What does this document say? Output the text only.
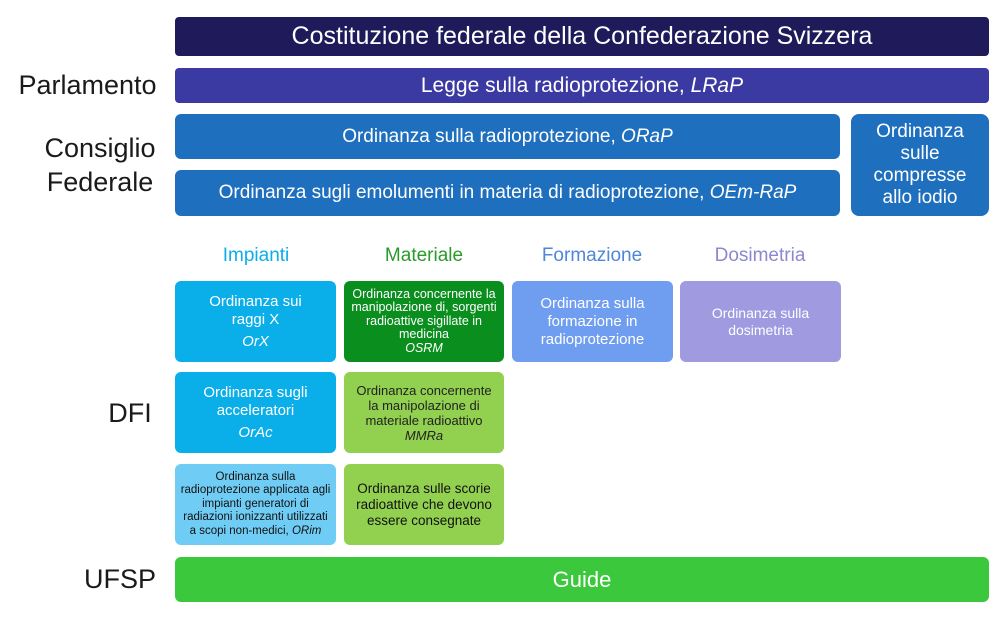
Costituzione federale della Confederazione Svizzera
Parlamento	Legge sulla radioprotezione, LRaP
Consiglio
Federale
Ordinanza sulla radioprotezione, ORaP
Ordinanza sugli emolumenti in materia di radioprotezione, OEm-RaP
Ordinanza sulle compresse allo iodio
Impianti	Materiale	Formazione	Dosimetria
DFI
Ordinanza sui raggi X
OrX
Ordinanza sugli acceleratori
OrAc
Ordinanza sulla radioprotezione applicata agli impianti generatori di radiazioni ionizzanti utilizzati a scopi non-medici, ORim
Ordinanza concernente la manipolazione di, sorgenti radioattive sigillate in medicina
OSRM
Ordinanza concernente la manipolazione di materiale radioattivo
MMRa
Ordinanza sulle scorie radioattive che devono essere consegnate
Ordinanza sulla formazione in radioprotezione
Ordinanza sulla dosimetria
UFSP	Guide
